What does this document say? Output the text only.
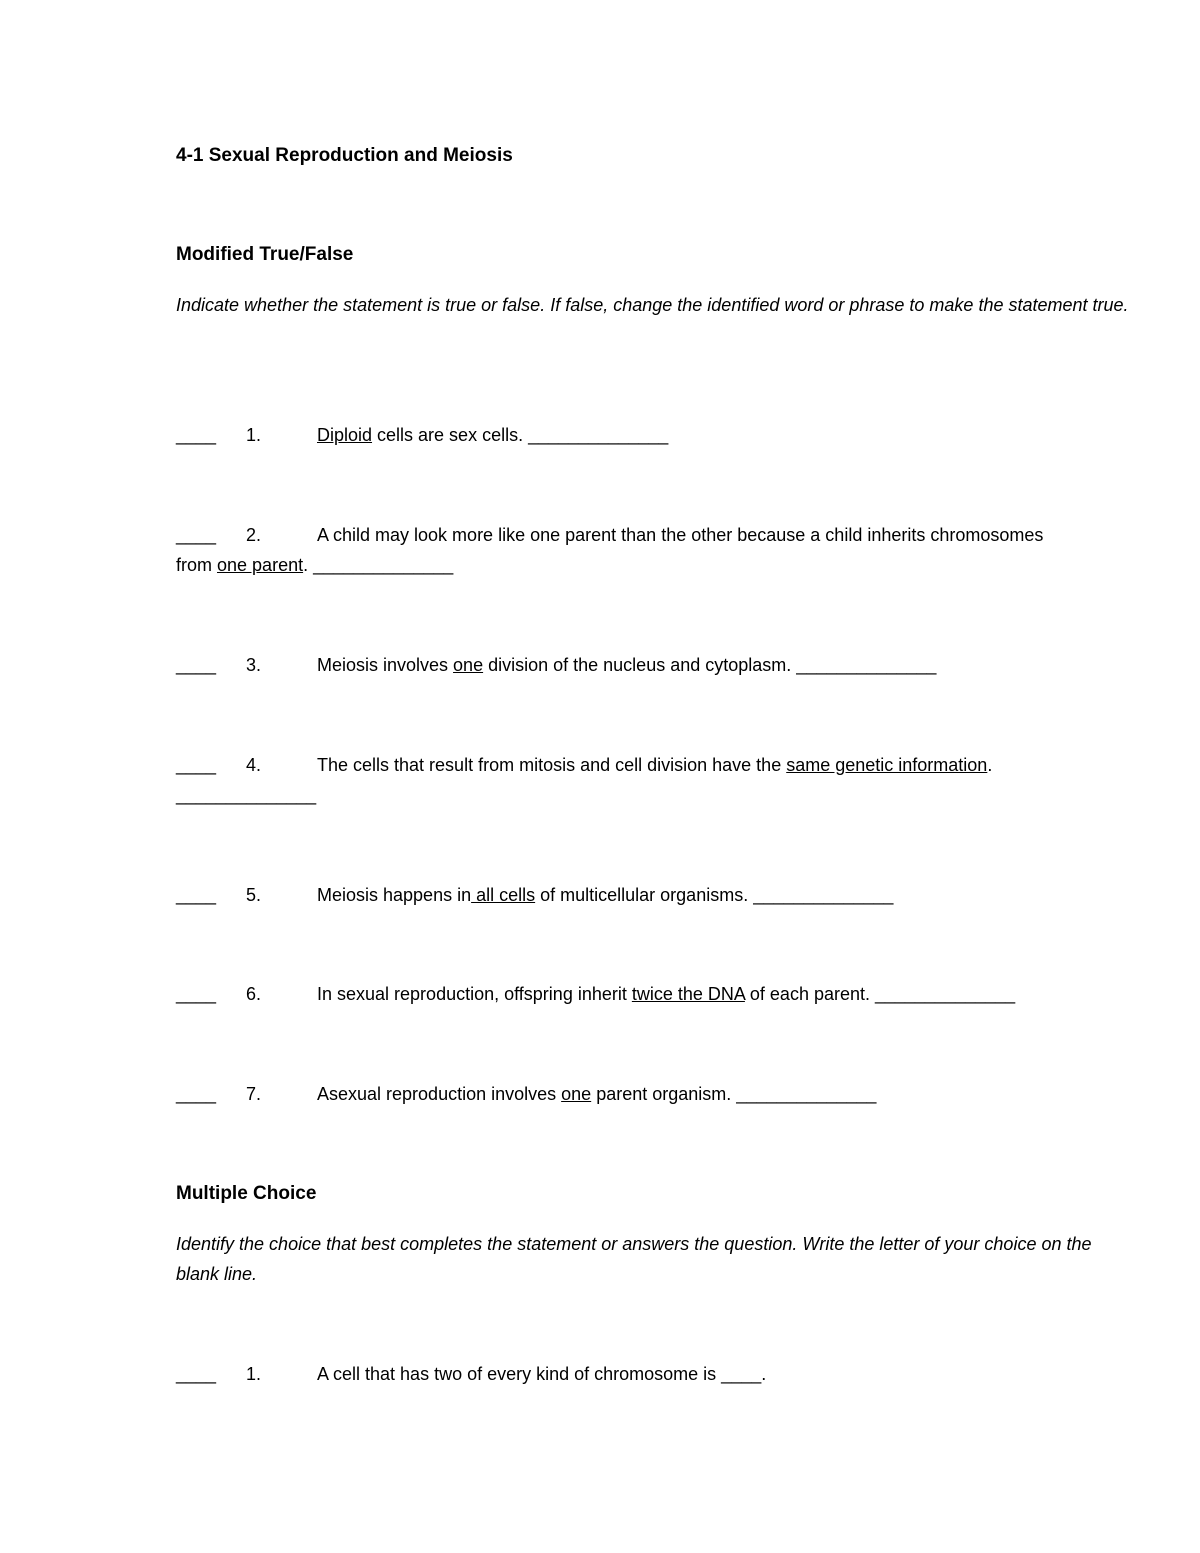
4-1 Sexual Reproduction and Meiosis
Modified True/False
Indicate whether the statement is true or false. If false, change the identified word or phrase to make the statement true.
____ 1.	Diploid cells are sex cells. ______________
____ 2.	A child may look more like one parent than the other because a child inherits chromosomes
from one parent. ______________
____ 3.	Meiosis involves one division of the nucleus and cytoplasm. ______________
____ 4.	The cells that result from mitosis and cell division have the same genetic information.
______________
____ 5.	Meiosis happens in all cells of multicellular organisms. ______________
____ 6.	In sexual reproduction, offspring inherit twice the DNA of each parent. ______________
____ 7.	Asexual reproduction involves one parent organism. ______________
Multiple Choice
Identify the choice that best completes the statement or answers the question. Write the letter of your choice on the blank line.
____ 1.	A cell that has two of every kind of chromosome is ____.
